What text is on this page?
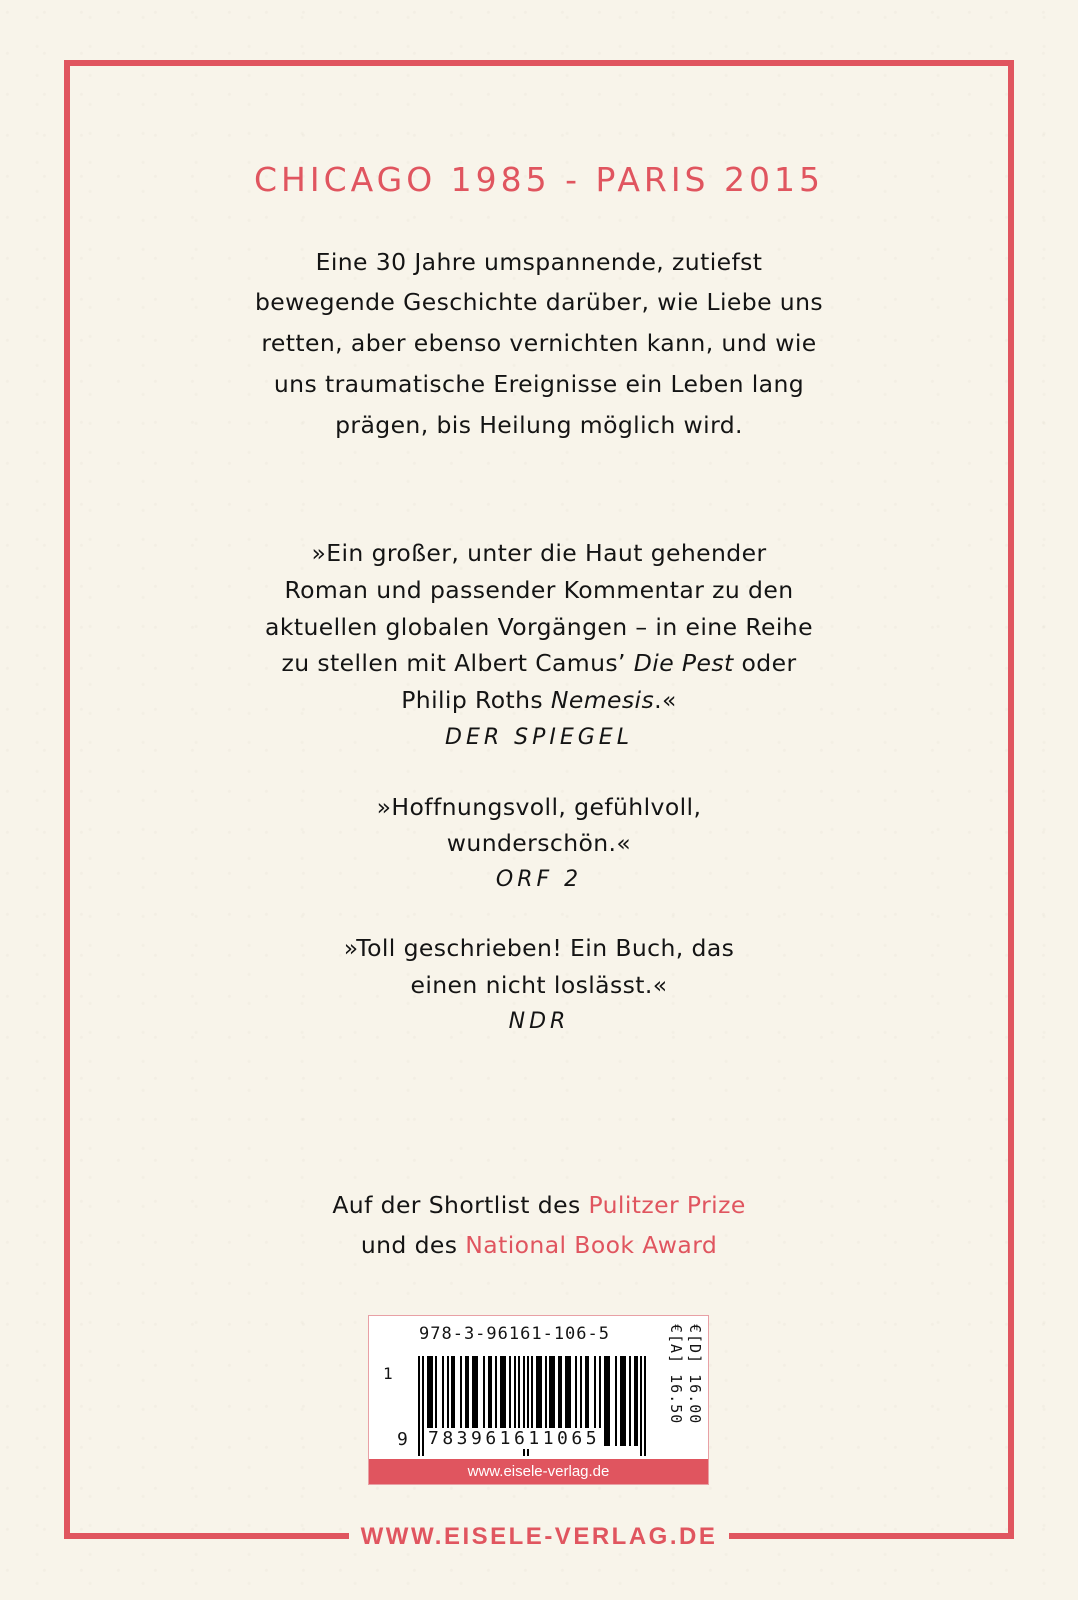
CHICAGO 1985 - PARIS 2015
Eine 30 Jahre umspannende, zutiefst
bewegende Geschichte darüber, wie Liebe uns
retten, aber ebenso vernichten kann, und wie
uns traumatische Ereignisse ein Leben lang
prägen, bis Heilung möglich wird.
»Ein großer, unter die Haut gehender
Roman und passender Kommentar zu den
aktuellen globalen Vorgängen – in eine Reihe
zu stellen mit Albert Camus’ Die Pest oder
Philip Roths Nemesis.«
DER SPIEGEL
»Hoffnungsvoll, gefühlvoll,
wunderschön.«
ORF 2
»Toll geschrieben! Ein Buch, das
einen nicht loslässt.«
NDR
Auf der Shortlist des Pulitzer Prize
und des National Book Award
978-3-96161-106-5
1
9 783961611065
€[A] 16.50 €[D] 16.00
www.eisele-verlag.de
WWW.EISELE-VERLAG.DE
